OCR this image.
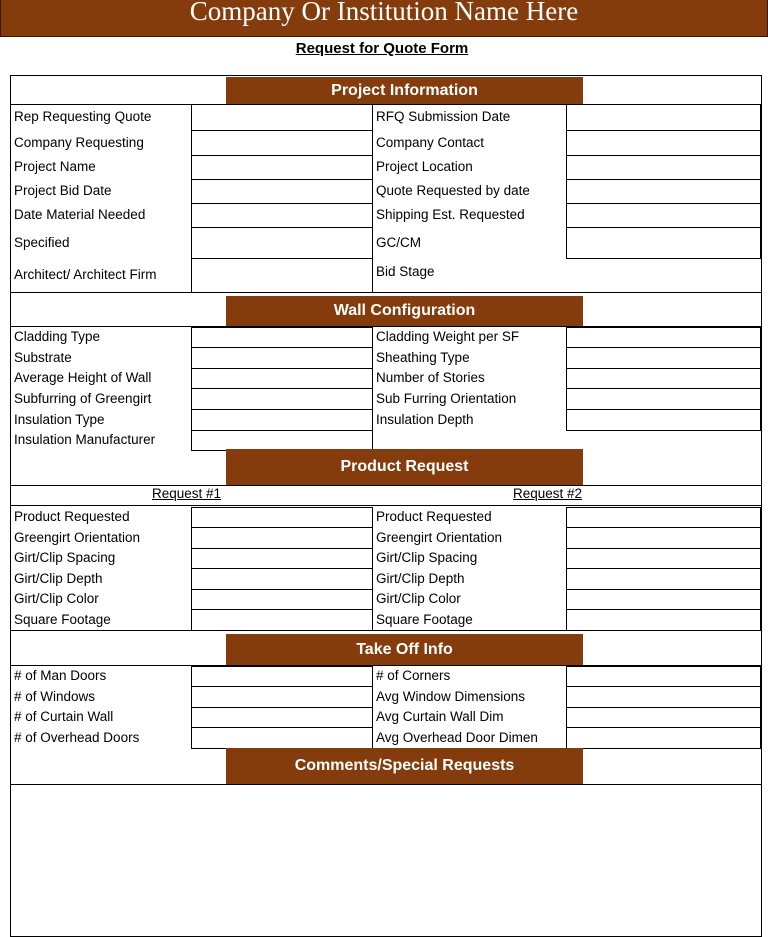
Company Or Institution Name Here
Request for Quote Form
Project Information
Rep Requesting Quote
Company Requesting
Project Name
Project Bid Date
Date Material Needed
Specified
Architect/ Architect Firm
RFQ Submission Date
Company Contact
Project Location
Quote Requested by date
Shipping Est. Requested
GC/CM
Bid Stage
Wall Configuration
Cladding Type
Substrate
Average Height of Wall
Subfurring of Greengirt
Insulation Type
Insulation Manufacturer
Cladding Weight per SF
Sheathing Type
Number of Stories
Sub Furring Orientation
Insulation Depth
Product Request
Request #1	Request #2
Product Requested
Greengirt Orientation
Girt/Clip Spacing
Girt/Clip Depth
Girt/Clip Color
Square Footage
Product Requested
Greengirt Orientation
Girt/Clip Spacing
Girt/Clip Depth
Girt/Clip Color
Square Footage
Take Off Info
# of Man Doors
# of Windows
# of Curtain Wall
# of Overhead Doors
# of Corners
Avg Window Dimensions
Avg Curtain Wall Dim
Avg Overhead Door Dimen
Comments/Special Requests
